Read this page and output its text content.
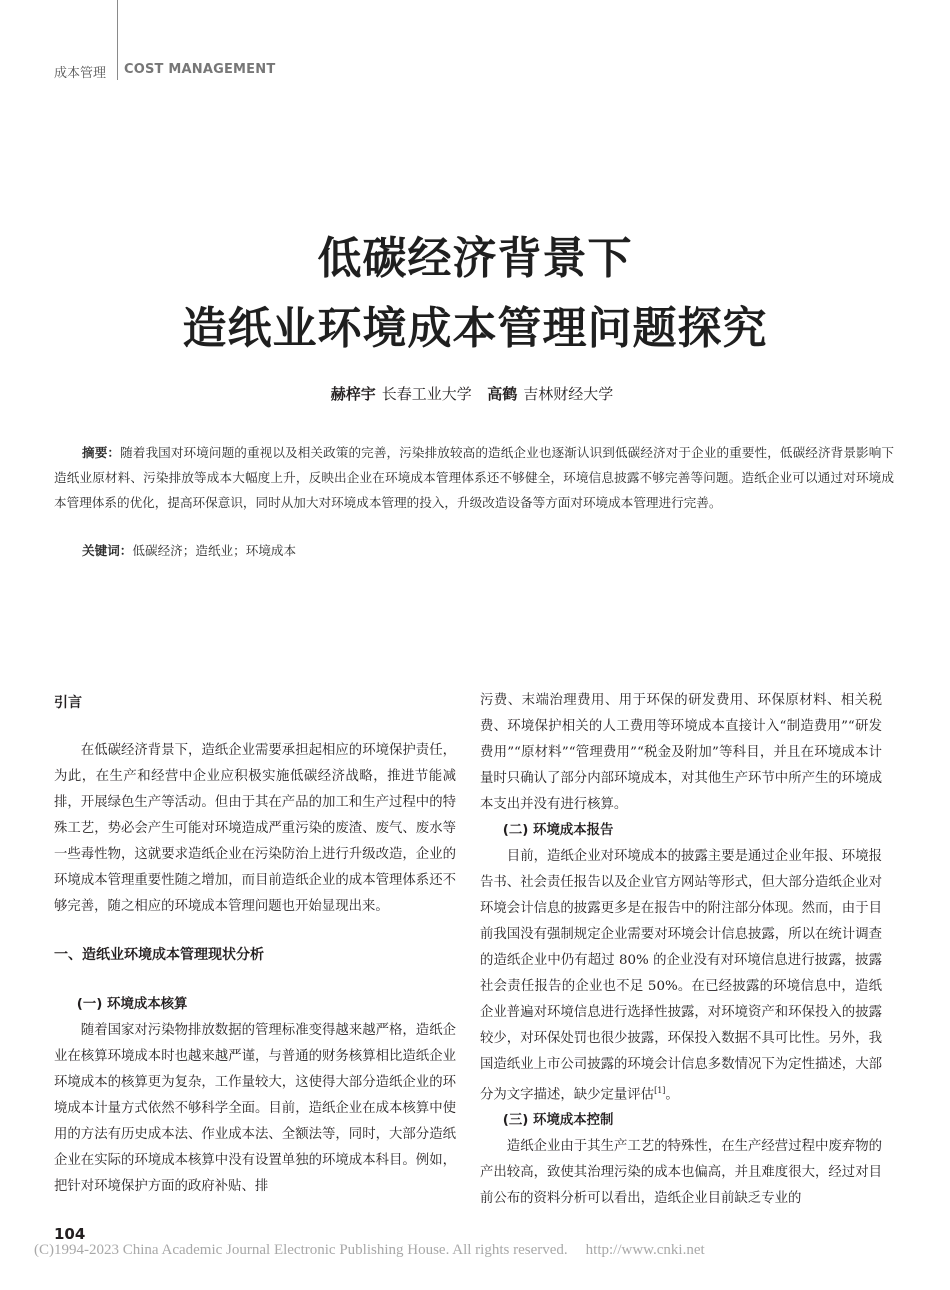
成本管理 COST MANAGEMENT
低碳经济背景下
造纸业环境成本管理问题探究
赫梓宇 长春工业大学 高鹤 吉林财经大学
摘要：随着我国对环境问题的重视以及相关政策的完善，污染排放较高的造纸企业也逐渐认识到低碳经济对于企业的重要性，低碳经济背景影响下造纸业原材料、污染排放等成本大幅度上升，反映出企业在环境成本管理体系还不够健全，环境信息披露不够完善等问题。造纸企业可以通过对环境成本管理体系的优化，提高环保意识，同时从加大对环境成本管理的投入，升级改造设备等方面对环境成本管理进行完善。
关键词：低碳经济；造纸业；环境成本

引言

在低碳经济背景下，造纸企业需要承担起相应的环境保护责任，为此，在生产和经营中企业应积极实施低碳经济战略，推进节能减排，开展绿色生产等活动。但由于其在产品的加工和生产过程中的特殊工艺，势必会产生可能对环境造成严重污染的废渣、废气、废水等一些毒性物，这就要求造纸企业在污染防治上进行升级改造，企业的环境成本管理重要性随之增加，而目前造纸企业的成本管理体系还不够完善，随之相应的环境成本管理问题也开始显现出来。

一、造纸业环境成本管理现状分析

(一) 环境成本核算

随着国家对污染物排放数据的管理标准变得越来越严格，造纸企业在核算环境成本时也越来越严谨，与普通的财务核算相比造纸企业环境成本的核算更为复杂，工作量较大，这使得大部分造纸企业的环境成本计量方式依然不够科学全面。目前，造纸企业在成本核算中使用的方法有历史成本法、作业成本法、全额法等，同时，大部分造纸企业在实际的环境成本核算中没有设置单独的环境成本科目。例如，把针对环境保护方面的政府补贴、排

污费、末端治理费用、用于环保的研发费用、环保原材料、相关税费、环境保护相关的人工费用等环境成本直接计入“制造费用”“研发费用”“原材料”“管理费用”“税金及附加”等科目，并且在环境成本计量时只确认了部分内部环境成本，对其他生产环节中所产生的环境成本支出并没有进行核算。

(二) 环境成本报告

目前，造纸企业对环境成本的披露主要是通过企业年报、环境报告书、社会责任报告以及企业官方网站等形式，但大部分造纸企业对环境会计信息的披露更多是在报告中的附注部分体现。然而，由于目前我国没有强制规定企业需要对环境会计信息披露，所以在统计调查的造纸企业中仍有超过 80% 的企业没有对环境信息进行披露，披露社会责任报告的企业也不足 50%。在已经披露的环境信息中，造纸企业普遍对环境信息进行选择性披露，对环境资产和环保投入的披露较少，对环保处罚也很少披露，环保投入数据不具可比性。另外，我国造纸业上市公司披露的环境会计信息多数情况下为定性描述，大部分为文字描述，缺少定量评估[1]。

(三) 环境成本控制

造纸企业由于其生产工艺的特殊性，在生产经营过程中废弃物的产出较高，致使其治理污染的成本也偏高，并且难度很大，经过对目前公布的资料分析可以看出，造纸企业目前缺乏专业的

104
(C)1994-2023 China Academic Journal Electronic Publishing House. All rights reserved. http://www.cnki.net
